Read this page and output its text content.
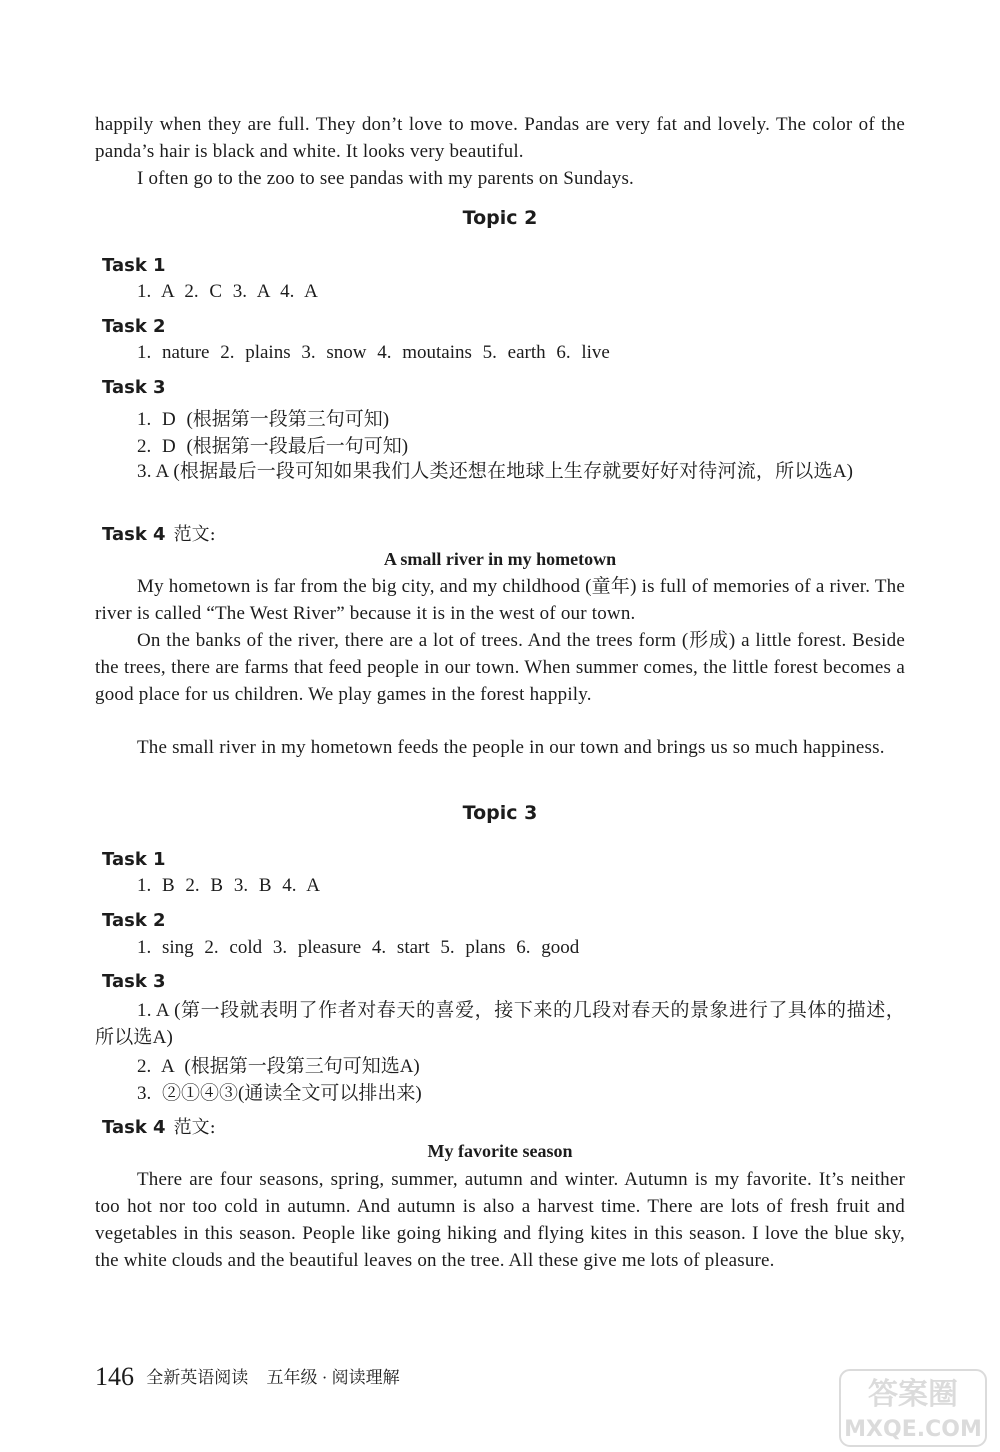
happily when they are full. They don’t love to move. Pandas are very fat and lovely. The color of the panda’s hair is black and white. It looks very beautiful.
I often go to the zoo to see pandas with my parents on Sundays.
Topic 2
Task 1
1. A 2. C 3. A 4. A
Task 2
1. nature 2. plains 3. snow 4. moutains 5. earth 6. live
Task 3
1. D (根据第一段第三句可知)
2. D (根据第一段最后一句可知)
3. A (根据最后一段可知如果我们人类还想在地球上生存就要好好对待河流，所以选A)
Task 4 范文:
A small river in my hometown
My hometown is far from the big city, and my childhood (童年) is full of memories of a river. The river is called “The West River” because it is in the west of our town.
On the banks of the river, there are a lot of trees. And the trees form (形成) a little forest. Beside the trees, there are farms that feed people in our town. When summer comes, the little forest becomes a good place for us children. We play games in the forest happily.
The small river in my hometown feeds the people in our town and brings us so much happiness.
Topic 3
Task 1
1. B 2. B 3. B 4. A
Task 2
1. sing 2. cold 3. pleasure 4. start 5. plans 6. good
Task 3
1. A (第一段就表明了作者对春天的喜爱，接下来的几段对春天的景象进行了具体的描述，所以选A)
2. A (根据第一段第三句可知选A)
3. ②①④③(通读全文可以排出来)
Task 4 范文:
My favorite season
There are four seasons, spring, summer, autumn and winter. Autumn is my favorite. It’s neither too hot nor too cold in autumn. And autumn is also a harvest time. There are lots of fresh fruit and vegetables in this season. People like going hiking and flying kites in this season. I love the blue sky, the white clouds and the beautiful leaves on the tree. All these give me lots of pleasure.
146 全新英语阅读 五年级 · 阅读理解	答案圈
MXQE.COM
